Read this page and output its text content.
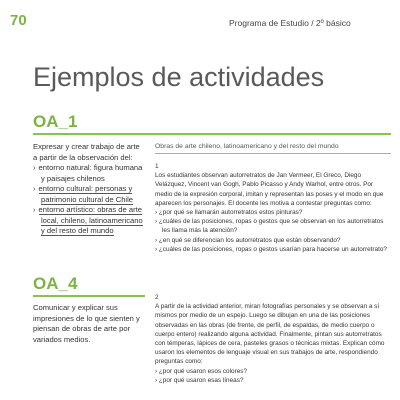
70	Programa de Estudio / 2º básico
Ejemplos de actividades
OA_1

Expresar y crear trabajo de arte a partir de la observación del:

› entorno natural: figura humana y paisajes chilenos

› entorno cultural: personas y patrimonio cultural de Chile

› entorno artístico: obras de arte local, chileno, latinoamericano y del resto del mundo

OA_4
Comunicar y explicar sus impresiones de lo que sienten y piensan de obras de arte por variados medios.
Obras de arte chileno, latinoamericano y del resto del mundo

1

Los estudiantes observan autorretratos de Jan Vermeer, El Greco, Diego Velázquez, Vincent van Gogh, Pablo Picasso y Andy Warhol, entre otros. Por medio de la expresión corporal, imitan y representan las poses y el modo en que aparecen los personajes. El docente les motiva a contestar preguntas como:

› ¿por qué se llamarán autorretratos estos pinturas?

› ¿cuáles de las posiciones, ropas o gestos que se observan en los autorretratos les llama más la atención?

› ¿en qué se diferencian los autorretratos que están observando?

› ¿cuáles de las posiciones, ropas o gestos usarían para hacerse un autorretrato?

2

A partir de la actividad anterior, miran fotografías personales y se observan a sí mismos por medio de un espejo. Luego se dibujan en una de las posiciones observadas en las obras (de frente, de perfil, de espaldas, de medio cuerpo o cuerpo entero) realizando alguna actividad. Finalmente, pintan sus autorretratos con témperas, lápices de cera, pasteles grasos o técnicas mixtas. Explican cómo usaron los elementos de lenguaje visual en sus trabajos de arte, respondiendo preguntas como:

› ¿por qué usaron esos colores?

› ¿por qué usaron esas líneas?
